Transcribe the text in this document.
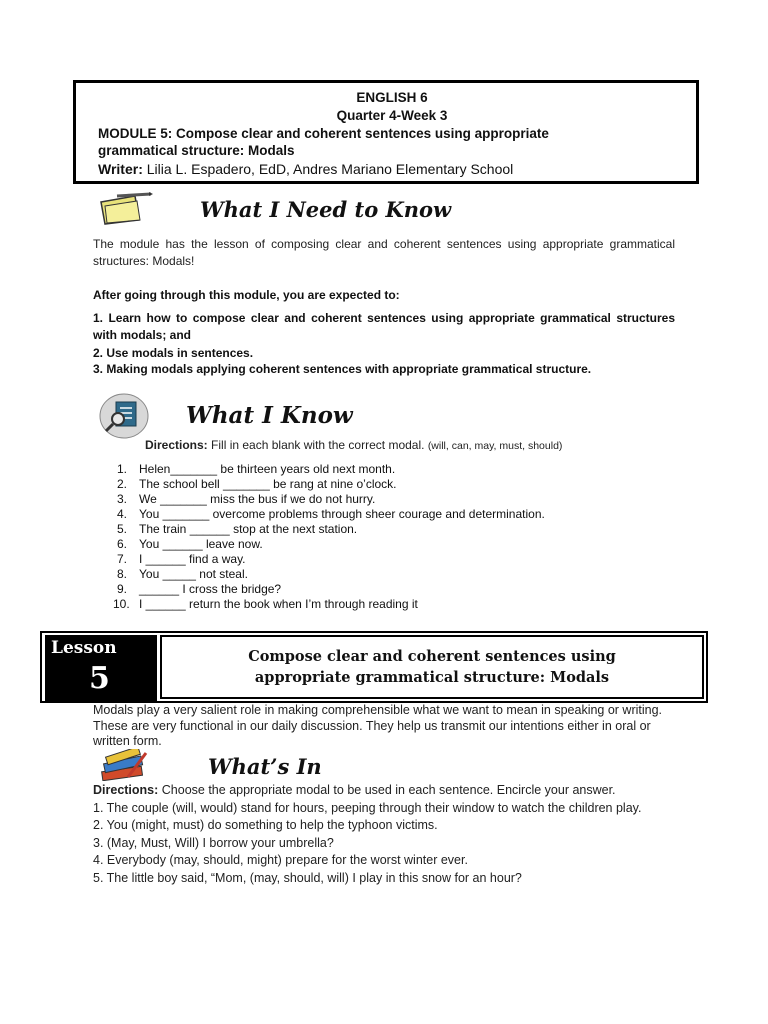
ENGLISH 6
Quarter 4-Week 3
MODULE 5: Compose clear and coherent sentences using appropriate
grammatical structure: Modals
Writer: Lilia L. Espadero, EdD, Andres Mariano Elementary School
What I Need to Know
The module has the lesson of composing clear and coherent sentences using appropriate grammatical structures: Modals!
After going through this module, you are expected to:
1. Learn how to compose clear and coherent sentences using appropriate grammatical structures with modals; and
2. Use modals in sentences.
3. Making modals applying coherent sentences with appropriate grammatical structure.
What I Know
Directions: Fill in each blank with the correct modal. (will, can, may, must, should)
1.	Helen_______ be thirteen years old next month.
2.	The school bell _______ be rang at nine o’clock.
3.	We _______ miss the bus if we do not hurry.
4.	You _______ overcome problems through sheer courage and determination.
5.	The train ______ stop at the next station.
6.	You ______ leave now.
7.	I ______ find a way.
8.	You _____ not steal.
9.	______ I cross the bridge?
10. I ______ return the book when I’m through reading it
Lesson
5
Compose clear and coherent sentences using
appropriate grammatical structure: Modals
Modals play a very salient role in making comprehensible what we want to mean in speaking or writing. These are very functional in our daily discussion. They help us transmit our intentions either in oral or written form.
What’s In
Directions: Choose the appropriate modal to be used in each sentence. Encircle your answer.
1. The couple (will, would) stand for hours, peeping through their window to watch the children play.
2. You (might, must) do something to help the typhoon victims.
3. (May, Must, Will) I borrow your umbrella?
4. Everybody (may, should, might) prepare for the worst winter ever.
5. The little boy said, “Mom, (may, should, will) I play in this snow for an hour?
